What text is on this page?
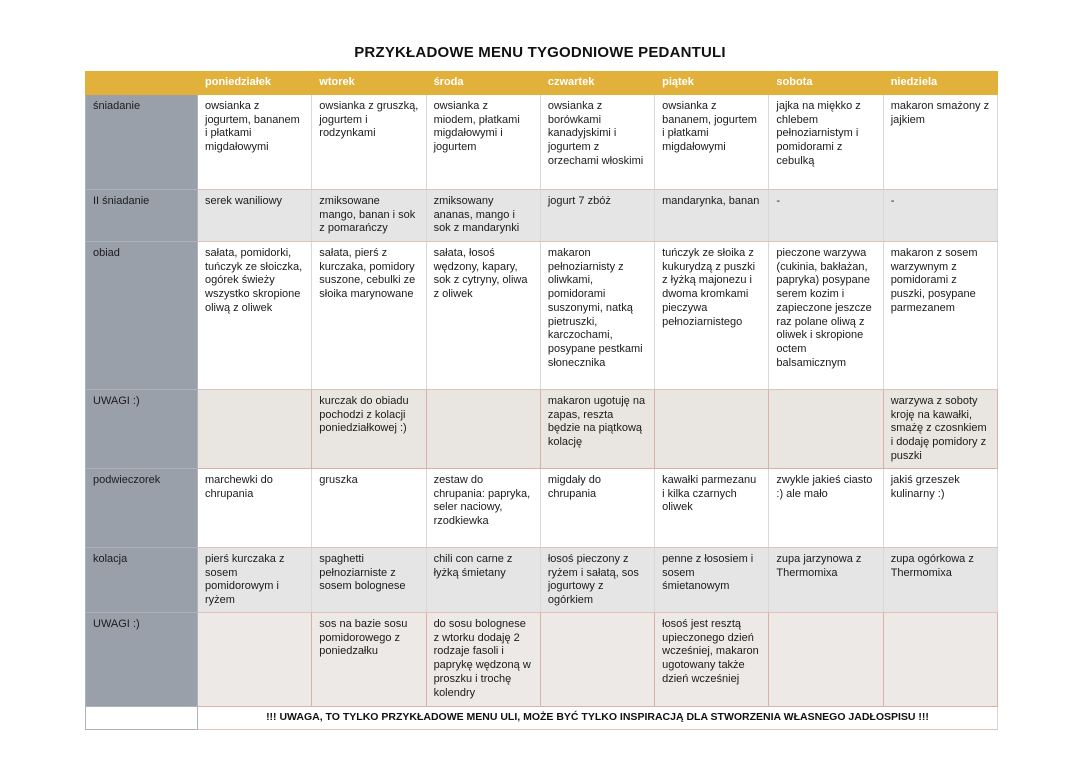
PRZYKŁADOWE MENU TYGODNIOWE PEDANTULI
	poniedziałek	wtorek	środa	czwartek	piątek	sobota	niedziela
śniadanie	owsianka z jogurtem, bananem i płatkami migdałowymi	owsianka z gruszką, jogurtem i rodzynkami	owsianka z miodem, płatkami migdałowymi i jogurtem	owsianka z borówkami kanadyjskimi i jogurtem z orzechami włoskimi	owsianka z bananem, jogurtem i płatkami migdałowymi	jajka na miękko z chlebem pełnoziarnistym i pomidorami z cebulką	makaron smażony z jajkiem
II śniadanie	serek waniliowy	zmiksowane mango, banan i sok z pomarańczy	zmiksowany ananas, mango i sok z mandarynki	jogurt 7 zbóż	mandarynka, banan	-	-
obiad	sałata, pomidorki, tuńczyk ze słoiczka, ogórek świeży wszystko skropione oliwą z oliwek	sałata, pierś z kurczaka, pomidory suszone, cebulki ze słoika marynowane	sałata, łosoś wędzony, kapary, sok z cytryny, oliwa z oliwek	makaron pełnoziarnisty z oliwkami, pomidorami suszonymi, natką pietruszki, karczochami, posypane pestkami słonecznika	tuńczyk ze słoika z kukurydzą z puszki z łyżką majonezu i dwoma kromkami pieczywa pełnoziarnistego	pieczone warzywa (cukinia, bakłażan, papryka) posypane serem kozim i zapieczone jeszcze raz polane oliwą z oliwek i skropione octem balsamicznym	makaron z sosem warzywnym z pomidorami z puszki, posypane parmezanem
UWAGI :)		kurczak do obiadu pochodzi z kolacji poniedziałkowej :)		makaron ugotuję na zapas, reszta będzie na piątkową kolację			warzywa z soboty kroję na kawałki, smażę z czosnkiem i dodaję pomidory z puszki
podwieczorek	marchewki do chrupania	gruszka	zestaw do chrupania: papryka, seler naciowy, rzodkiewka	migdały do chrupania	kawałki parmezanu i kilka czarnych oliwek	zwykle jakieś ciasto :) ale mało	jakiś grzeszek kulinarny :)
kolacja	pierś kurczaka z sosem pomidorowym i ryżem	spaghetti pełnoziarniste z sosem bolognese	chili con carne z łyżką śmietany	łosoś pieczony z ryżem i sałatą, sos jogurtowy z ogórkiem	penne z łososiem i sosem śmietanowym	zupa jarzynowa z Thermomixa	zupa ogórkowa z Thermomixa
UWAGI :)		sos na bazie sosu pomidorowego z poniedzałku	do sosu bolognese z wtorku dodaję 2 rodzaje fasoli i paprykę wędzoną w proszku i trochę kolendry		łosoś jest resztą upieczonego dzień wcześniej, makaron ugotowany także dzień wcześniej		
	!!! UWAGA, TO TYLKO PRZYKŁADOWE MENU ULI, MOŻE BYĆ TYLKO INSPIRACJĄ DLA STWORZENIA WŁASNEGO JADŁOSPISU !!!						
